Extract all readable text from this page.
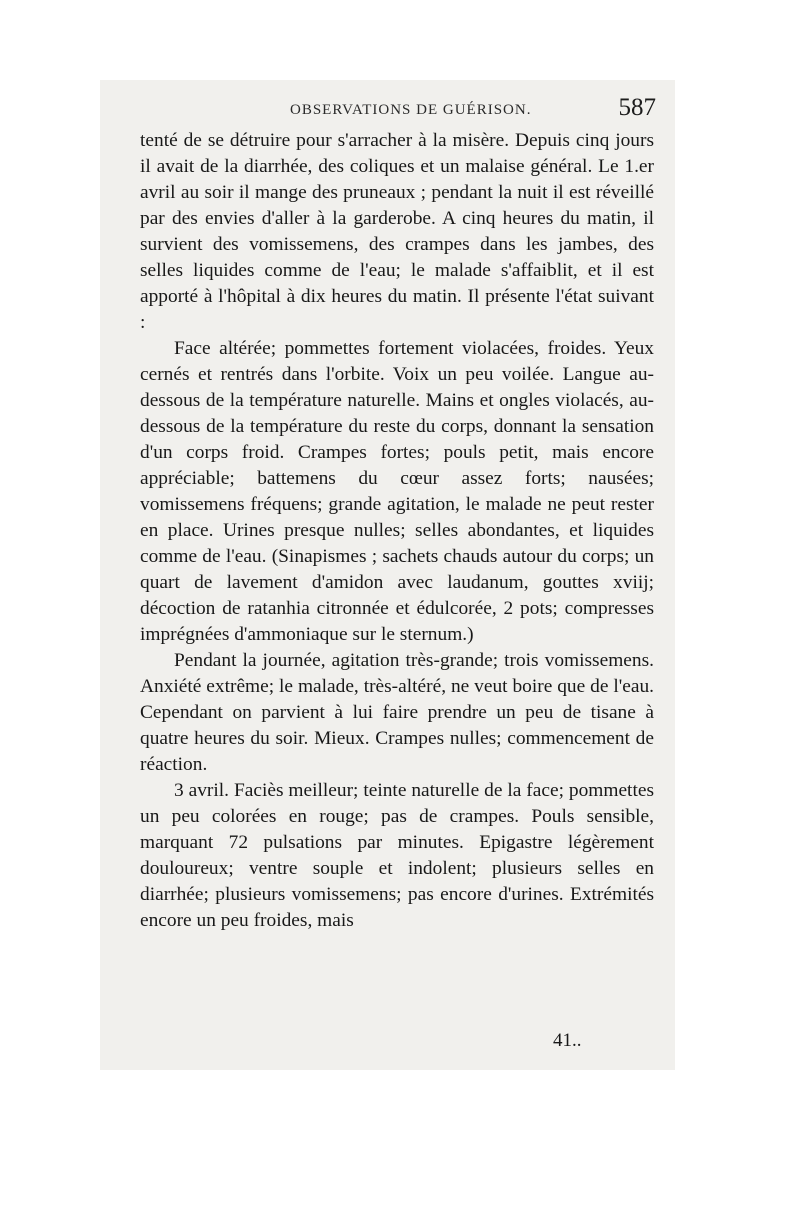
OBSERVATIONS DE GUÉRISON.	587

tenté de se détruire pour s'arracher à la misère. Depuis cinq jours il avait de la diarrhée, des coliques et un malaise général. Le 1.er avril au soir il mange des pruneaux ; pendant la nuit il est réveillé par des envies d'aller à la garderobe. A cinq heures du matin, il survient des vomissemens, des crampes dans les jambes, des selles liquides comme de l'eau; le malade s'affaiblit, et il est apporté à l'hôpital à dix heures du matin. Il présente l'état suivant :

Face altérée; pommettes fortement violacées, froides. Yeux cernés et rentrés dans l'orbite. Voix un peu voilée. Langue au-dessous de la température naturelle. Mains et ongles violacés, au-dessous de la température du reste du corps, donnant la sensation d'un corps froid. Crampes fortes; pouls petit, mais encore appréciable; battemens du cœur assez forts; nausées; vomissemens fréquens; grande agitation, le malade ne peut rester en place. Urines presque nulles; selles abondantes, et liquides comme de l'eau. (Sinapismes ; sachets chauds autour du corps; un quart de lavement d'amidon avec laudanum, gouttes xviij; décoction de ratanhia citronnée et édulcorée, 2 pots; compresses imprégnées d'ammoniaque sur le sternum.)

Pendant la journée, agitation très-grande; trois vomissemens. Anxiété extrême; le malade, très-altéré, ne veut boire que de l'eau. Cependant on parvient à lui faire prendre un peu de tisane à quatre heures du soir. Mieux. Crampes nulles; commencement de réaction.

3 avril. Faciès meilleur; teinte naturelle de la face; pommettes un peu colorées en rouge; pas de crampes. Pouls sensible, marquant 72 pulsations par minutes. Epigastre légèrement douloureux; ventre souple et indolent; plusieurs selles en diarrhée; plusieurs vomissemens; pas encore d'urines. Extrémités encore un peu froides, mais

41..
